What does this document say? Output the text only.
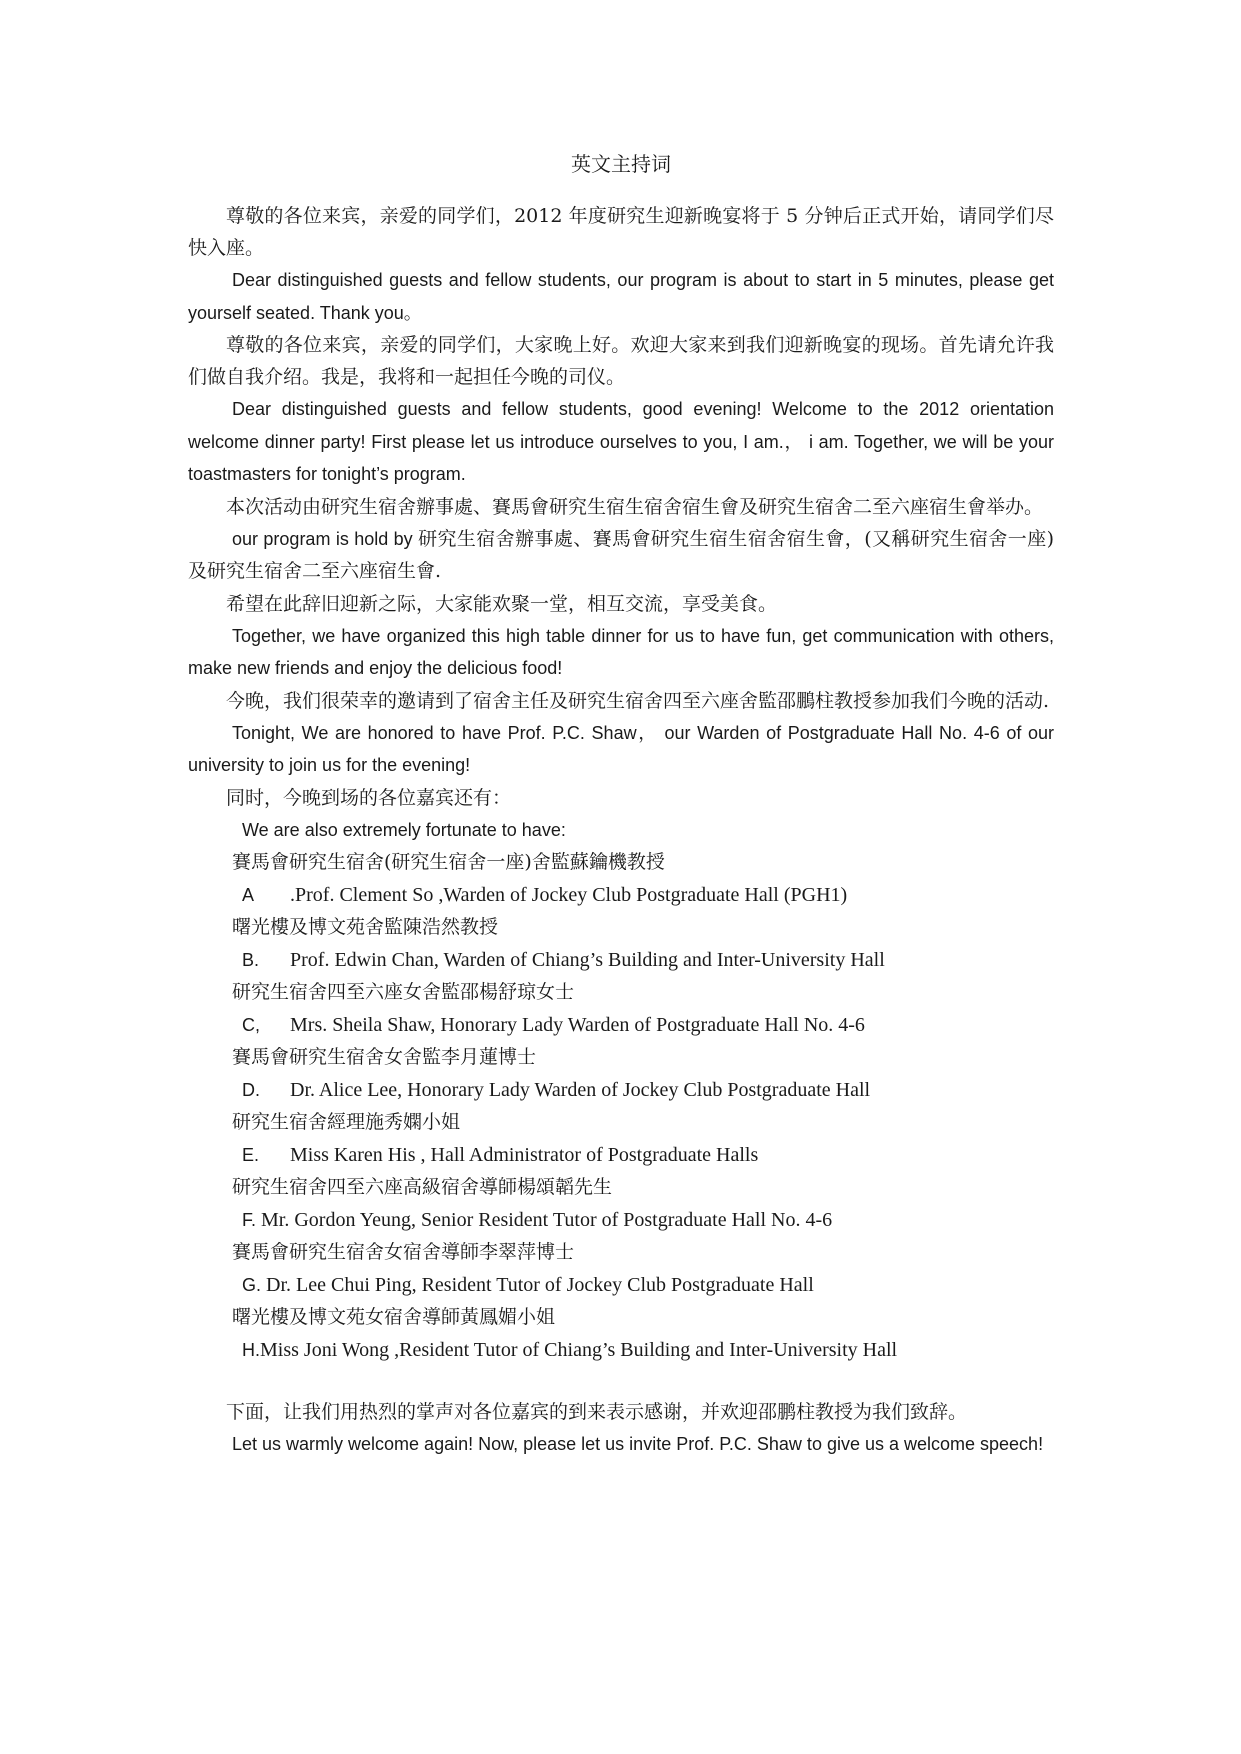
英文主持词

尊敬的各位来宾，亲爱的同学们，2012 年度研究生迎新晚宴将于 5 分钟后正式开始，请同学们尽快入座。

Dear distinguished guests and fellow students, our program is about to start in 5 minutes, please get yourself seated. Thank you。

尊敬的各位来宾，亲爱的同学们，大家晚上好。欢迎大家来到我们迎新晚宴的现场。首先请允许我们做自我介绍。我是，我将和一起担任今晚的司仪。

Dear distinguished guests and fellow students, good evening! Welcome to the 2012 orientation welcome dinner party! First please let us introduce ourselves to you, I am.， i am. Together, we will be your toastmasters for tonight’s program.

本次活动由研究生宿舍辦事處、賽馬會研究生宿生宿舍宿生會及研究生宿舍二至六座宿生會举办。

our program is hold by 研究生宿舍辦事處、賽馬會研究生宿生宿舍宿生會，(又稱研究生宿舍一座)及研究生宿舍二至六座宿生會.

希望在此辞旧迎新之际，大家能欢聚一堂，相互交流，享受美食。

Together, we have organized this high table dinner for us to have fun, get communication with others, make new friends and enjoy the delicious food!

今晚，我们很荣幸的邀请到了宿舍主任及研究生宿舍四至六座舍監邵鵬柱教授参加我们今晚的活动.

Tonight, We are honored to have Prof. P.C. Shaw， our Warden of Postgraduate Hall No. 4-6 of our university to join us for the evening!

同时，今晚到场的各位嘉宾还有：

We are also extremely fortunate to have:

賽馬會研究生宿舍(研究生宿舍一座)舍監蘇鑰機教授

A .Prof. Clement So ,Warden of Jockey Club Postgraduate Hall (PGH1)

曙光樓及博文苑舍監陳浩然教授

B. Prof. Edwin Chan, Warden of Chiang’s Building and Inter-University Hall

研究生宿舍四至六座女舍監邵楊舒琼女士

C, Mrs. Sheila Shaw, Honorary Lady Warden of Postgraduate Hall No. 4-6

賽馬會研究生宿舍女舍監李月蓮博士

D. Dr. Alice Lee, Honorary Lady Warden of Jockey Club Postgraduate Hall

研究生宿舍經理施秀嫻小姐

E. Miss Karen His , Hall Administrator of Postgraduate Halls

研究生宿舍四至六座高級宿舍導師楊頌韜先生

F. Mr. Gordon Yeung, Senior Resident Tutor of Postgraduate Hall No. 4-6

賽馬會研究生宿舍女宿舍導師李翠萍博士

G. Dr. Lee Chui Ping, Resident Tutor of Jockey Club Postgraduate Hall

曙光樓及博文苑女宿舍導師黃鳳媚小姐

H.Miss Joni Wong ,Resident Tutor of Chiang’s Building and Inter-University Hall

下面，让我们用热烈的掌声对各位嘉宾的到来表示感谢，并欢迎邵鹏柱教授为我们致辞。

Let us warmly welcome again! Now, please let us invite Prof. P.C. Shaw to give us a welcome speech!
